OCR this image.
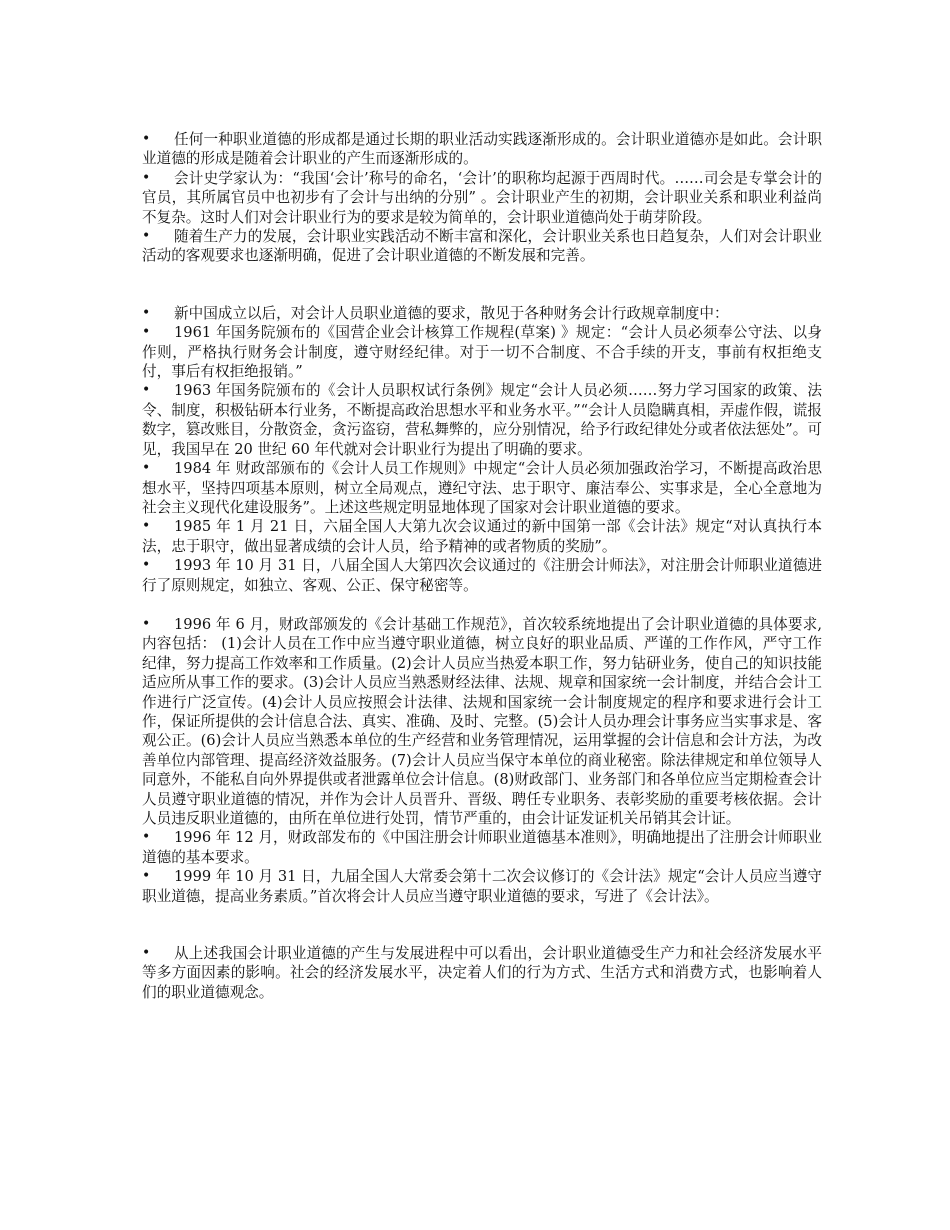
• 任何一种职业道德的形成都是通过长期的职业活动实践逐渐形成的。会计职业道德亦是如此。会计职业道德的形成是随着会计职业的产生而逐渐形成的。

• 会计史学家认为：“我国‘会计’称号的命名，‘会计’的职称均起源于西周时代。……司会是专掌会计的官员，其所属官员中也初步有了会计与出纳的分别” 。会计职业产生的初期，会计职业关系和职业利益尚不复杂。这时人们对会计职业行为的要求是较为简单的，会计职业道德尚处于萌芽阶段。

• 随着生产力的发展，会计职业实践活动不断丰富和深化，会计职业关系也日趋复杂，人们对会计职业活动的客观要求也逐渐明确，促进了会计职业道德的不断发展和完善。

• 新中国成立以后，对会计人员职业道德的要求，散见于各种财务会计行政规章制度中：

• 1961 年国务院颁布的《国营企业会计核算工作规程(草案) 》规定：“会计人员必须奉公守法、以身作则，严格执行财务会计制度，遵守财经纪律。对于一切不合制度、不合手续的开支，事前有权拒绝支付，事后有权拒绝报销。”

• 1963 年国务院颁布的《会计人员职权试行条例》规定“会计人员必须……努力学习国家的政策、法令、制度，积极钻研本行业务，不断提高政治思想水平和业务水平。”“会计人员隐瞒真相，弄虚作假，谎报数字，篡改账目，分散资金，贪污盗窃，营私舞弊的，应分别情况，给予行政纪律处分或者依法惩处”。可见，我国早在 20 世纪 60 年代就对会计职业行为提出了明确的要求。

• 1984 年 财政部颁布的《会计人员工作规则》中规定“会计人员必须加强政治学习，不断提高政治思想水平，坚持四项基本原则，树立全局观点，遵纪守法、忠于职守、廉洁奉公、实事求是，全心全意地为社会主义现代化建设服务”。上述这些规定明显地体现了国家对会计职业道德的要求。

• 1985 年 1 月 21 日，六届全国人大第九次会议通过的新中国第一部《会计法》规定“对认真执行本法，忠于职守，做出显著成绩的会计人员，给予精神的或者物质的奖励”。

• 1993 年 10 月 31 日，八届全国人大第四次会议通过的《注册会计师法》，对注册会计师职业道德进行了原则规定，如独立、客观、公正、保守秘密等。

• 1996 年 6 月，财政部颁发的《会计基础工作规范》，首次较系统地提出了会计职业道德的具体要求,内容包括： (1)会计人员在工作中应当遵守职业道德，树立良好的职业品质、严谨的工作作风，严守工作纪律，努力提高工作效率和工作质量。(2)会计人员应当热爱本职工作，努力钻研业务，使自己的知识技能适应所从事工作的要求。(3)会计人员应当熟悉财经法律、法规、规章和国家统一会计制度，并结合会计工作进行广泛宣传。(4)会计人员应按照会计法律、法规和国家统一会计制度规定的程序和要求进行会计工作，保证所提供的会计信息合法、真实、准确、及时、完整。(5)会计人员办理会计事务应当实事求是、客观公正。(6)会计人员应当熟悉本单位的生产经营和业务管理情况，运用掌握的会计信息和会计方法，为改善单位内部管理、提高经济效益服务。(7)会计人员应当保守本单位的商业秘密。除法律规定和单位领导人同意外，不能私自向外界提供或者泄露单位会计信息。(8)财政部门、业务部门和各单位应当定期检查会计人员遵守职业道德的情况，并作为会计人员晋升、晋级、聘任专业职务、表彰奖励的重要考核依据。会计人员违反职业道德的，由所在单位进行处罚，情节严重的，由会计证发证机关吊销其会计证。

• 1996 年 12 月，财政部发布的《中国注册会计师职业道德基本准则》，明确地提出了注册会计师职业道德的基本要求。

• 1999 年 10 月 31 日，九届全国人大常委会第十二次会议修订的《会计法》规定“会计人员应当遵守职业道德，提高业务素质。”首次将会计人员应当遵守职业道德的要求，写进了《会计法》。

• 从上述我国会计职业道德的产生与发展进程中可以看出，会计职业道德受生产力和社会经济发展水平等多方面因素的影响。社会的经济发展水平，决定着人们的行为方式、生活方式和消费方式，也影响着人们的职业道德观念。
